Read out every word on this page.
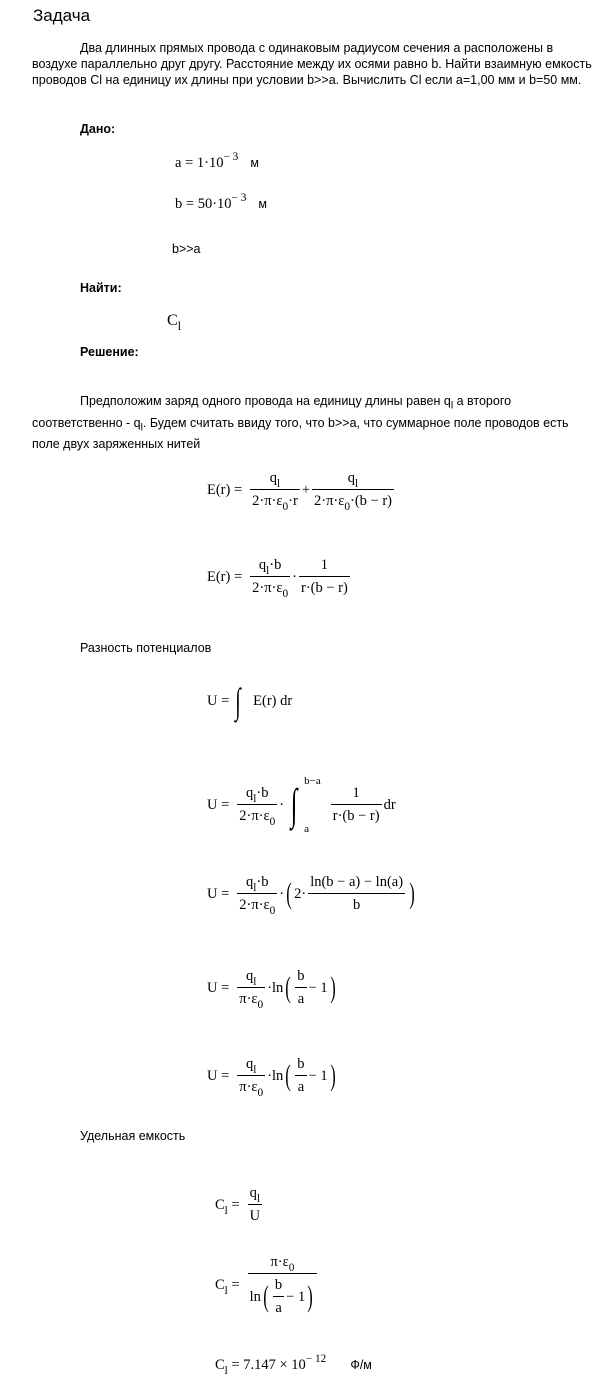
Задача
Два длинных прямых провода с одинаковым радиусом сечения a расположены в воздухе параллельно друг другу. Расстояние между их осями равно b. Найти взаимную емкость проводов Cl на единицу их длины при условии b>>a. Вычислить Cl если a=1,00 мм и b=50 мм.
Дано:
$a = 1\cdot 10^{- 3}$ м
$b = 50\cdot 10^{- 3}$ м
b>>a
Найти:
$C_l$
Решение:
Предположим заряд одного провода на единицу длины равен $q_l$ а второго соответственно - $q_l$. Будем считать ввиду того, что b>>a, что суммарное поле проводов есть поле двух заряженных нитей
$E(r) = \frac{q_l}{2\cdot\pi\cdot\varepsilon_0\cdot r} + \frac{q_l}{2\cdot\pi\cdot\varepsilon_0\cdot(b - r)}$
$E(r) = \frac{q_l\cdot b}{2\cdot\pi\cdot\varepsilon_0} \cdot \frac{1}{r\cdot(b - r)}$
Разность потенциалов
U = ∫ E(r) dr
$U = \frac{q_l\cdot b}{2\cdot\pi\cdot\varepsilon_0}$ · ∫ b−a
a
$\frac{1}{r\cdot(b - r)}$ dr
$U = \frac{q_l\cdot b}{2\cdot\pi\cdot\varepsilon_0}$ · ( $2\cdot \frac{\ln(b - a) - \ln(a)}{b}$ )
$U = \frac{q_l}{\pi\cdot\varepsilon_0} \cdot\ln$ ( $\frac{b}{a} - 1$ )
$U = \frac{q_l}{\pi\cdot\varepsilon_0} \cdot\ln$ ( $\frac{b}{a} - 1$ )
Удельная емкость
$C_l = \frac{q_l}{U}$
$C_l = \frac{\pi\cdot\varepsilon_0}{\ln ( \frac{b}{a} - 1 )}$
$C_l = 7.147 \times 10^{- 12}$ Ф/м
